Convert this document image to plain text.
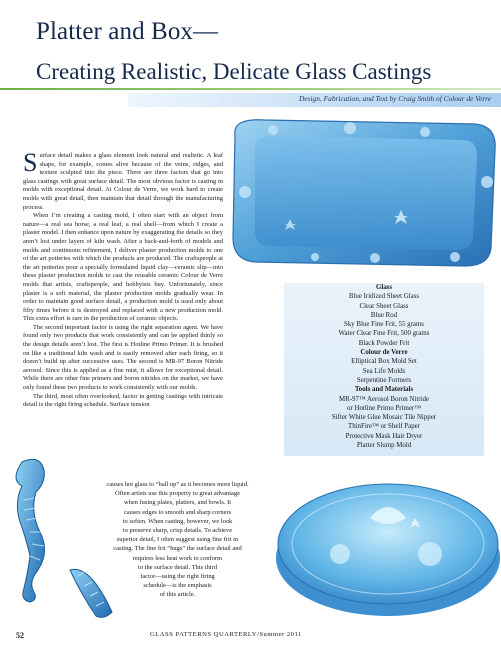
Platter and Box—
Creating Realistic, Delicate Glass Castings
Design, Fabrication, and Text by Craig Smith of Colour de Verre

Surface detail makes a glass element look natural and realistic. A leaf shape, for example, comes alive because of the veins, ridges, and texture sculpted into the piece. There are three factors that go into glass castings with great surface detail. The most obvious factor is casting in molds with exceptional detail. At Colour de Verre, we work hard to create molds with great detail, then maintain that detail through the manufacturing process.

When I’m creating a casting mold, I often start with an object from nature—a real sea horse, a real leaf, a real shell—from which I create a plaster model. I then enhance upon nature by exaggerating the details so they aren’t lost under layers of kiln wash. After a back-and-forth of models and molds and continuous refinement, I deliver plaster production molds to one of the art potteries with which the products are produced. The craftspeople at the art potteries pour a specially formulated liquid clay—ceramic slip—into these plaster production molds to cast the reusable ceramic Colour de Verre molds that artists, craftspeople, and hobbyists buy. Unfortunately, since plaster is a soft material, the plaster production molds gradually wear. In order to maintain good surface detail, a production mold is used only about fifty times before it is destroyed and replaced with a new production mold. This extra effort is rare in the production of ceramic objects.

The second important factor is using the right separation agent. We have found only two products that work consistently and can be applied thinly so the design details aren’t lost. The first is Hotline Primo Primer. It is brushed on like a traditional kiln wash and is easily removed after each firing, so it doesn’t build up after successive uses. The second is MR-97 Boron Nitride aerosol. Since this is applied as a fine mist, it allows for exceptional detail. While there are other fine primers and boron nitrides on the market, we have only found these two products to work consistently with our molds.

The third, most often overlooked, factor in getting castings with intricate detail is the right firing schedule. Surface tension

causes hot glass to “ball up” as it becomes more liquid.
Often artists use this property to great advantage
when fusing plates, platters, and bowls. It
causes edges to smooth and sharp corners
to soften. When casting, however, we look
to preserve sharp, crisp details. To achieve
superior detail, I often suggest using fine frit in
casting. The fine frit “hugs” the surface detail and
requires less heat work to conform
to the surface detail. This third
factor—using the right firing
schedule—is the emphasis
of this article.
Glass
Blue Iridized Sheet Glass
Clear Sheet Glass
Blue Rod
Sky Blue Fine Frit, 55 grams
Water Clear Fine Frit, 500 grams
Black Powder Frit
Colour de Verre
Elliptical Box Mold Set
Sea Life Molds
Serpentine Formers
Tools and Materials
MR-97™ Aerosol Boron Nitride
or Hotline Primo Primer™
Sifter White Glue Mosaic Tile Nipper
ThinFire™ or Shelf Paper
Protective Mask Hair Dryer
Platter Slump Mold
52	GLASS PATTERNS QUARTERLY/Summer 2011
